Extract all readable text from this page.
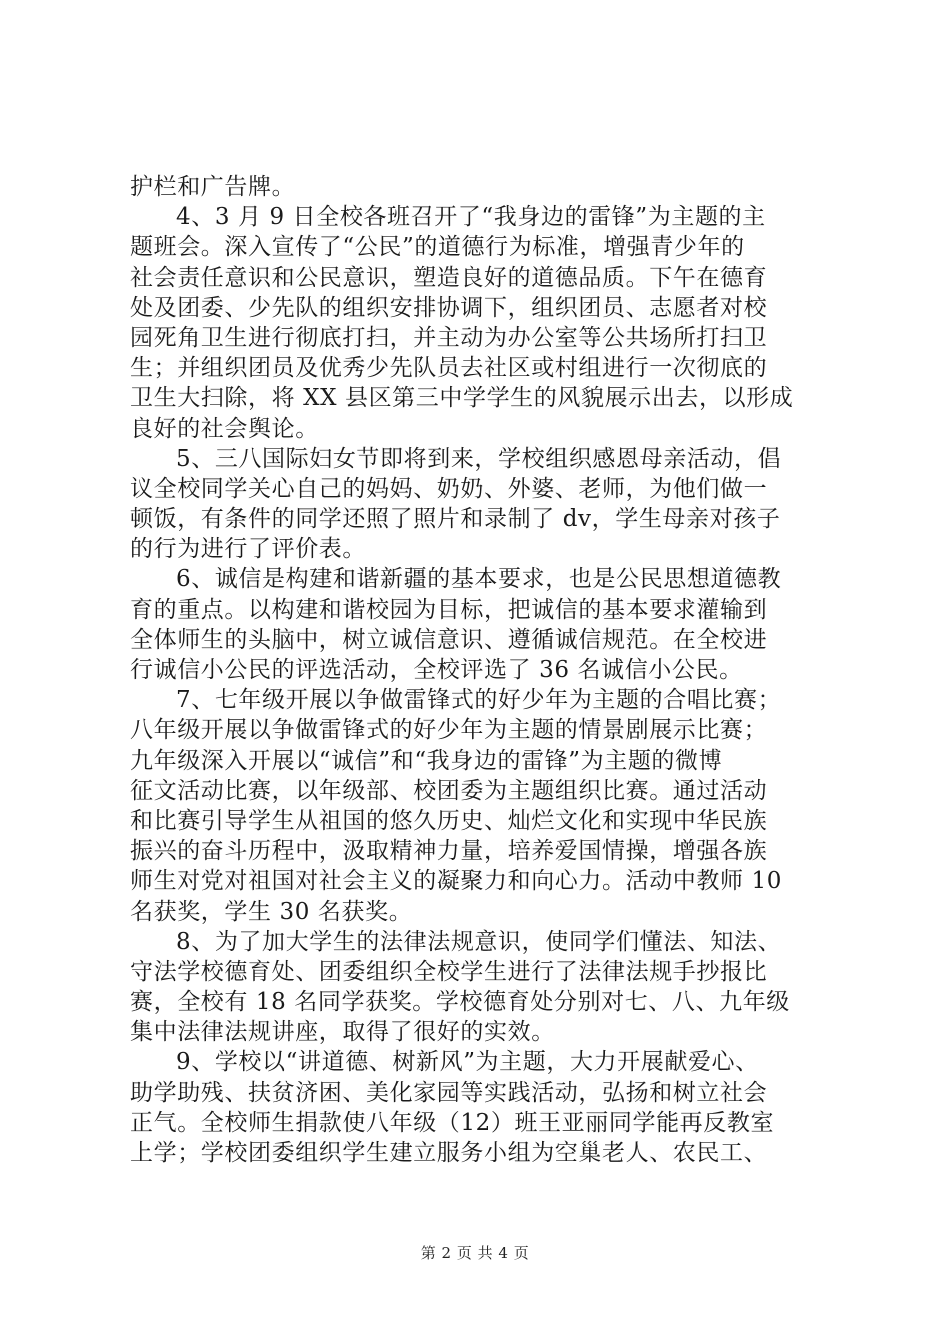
护栏和广告牌。
4、3 月 9 日全校各班召开了“我身边的雷锋”为主题的主
题班会。深入宣传了“公民”的道德行为标准，增强青少年的
社会责任意识和公民意识，塑造良好的道德品质。下午在德育
处及团委、少先队的组织安排协调下，组织团员、志愿者对校
园死角卫生进行彻底打扫，并主动为办公室等公共场所打扫卫
生；并组织团员及优秀少先队员去社区或村组进行一次彻底的
卫生大扫除，将 XX 县区第三中学学生的风貌展示出去，以形成
良好的社会舆论。
5、三八国际妇女节即将到来，学校组织感恩母亲活动，倡
议全校同学关心自己的妈妈、奶奶、外婆、老师，为他们做一
顿饭，有条件的同学还照了照片和录制了 dv，学生母亲对孩子
的行为进行了评价表。
6、诚信是构建和谐新疆的基本要求，也是公民思想道德教
育的重点。以构建和谐校园为目标，把诚信的基本要求灌输到
全体师生的头脑中，树立诚信意识、遵循诚信规范。在全校进
行诚信小公民的评选活动，全校评选了 36 名诚信小公民。
7、七年级开展以争做雷锋式的好少年为主题的合唱比赛；
八年级开展以争做雷锋式的好少年为主题的情景剧展示比赛；
九年级深入开展以“诚信”和“我身边的雷锋”为主题的微博
征文活动比赛，以年级部、校团委为主题组织比赛。通过活动
和比赛引导学生从祖国的悠久历史、灿烂文化和实现中华民族
振兴的奋斗历程中，汲取精神力量，培养爱国情操，增强各族
师生对党对祖国对社会主义的凝聚力和向心力。活动中教师 10
名获奖，学生 30 名获奖。
8、为了加大学生的法律法规意识，使同学们懂法、知法、
守法学校德育处、团委组织全校学生进行了法律法规手抄报比
赛，全校有 18 名同学获奖。学校德育处分别对七、八、九年级
集中法律法规讲座，取得了很好的实效。
9、学校以“讲道德、树新风”为主题，大力开展献爱心、
助学助残、扶贫济困、美化家园等实践活动，弘扬和树立社会
正气。全校师生捐款使八年级（12）班王亚丽同学能再反教室
上学；学校团委组织学生建立服务小组为空巢老人、农民工、
第 2 页 共 4 页
